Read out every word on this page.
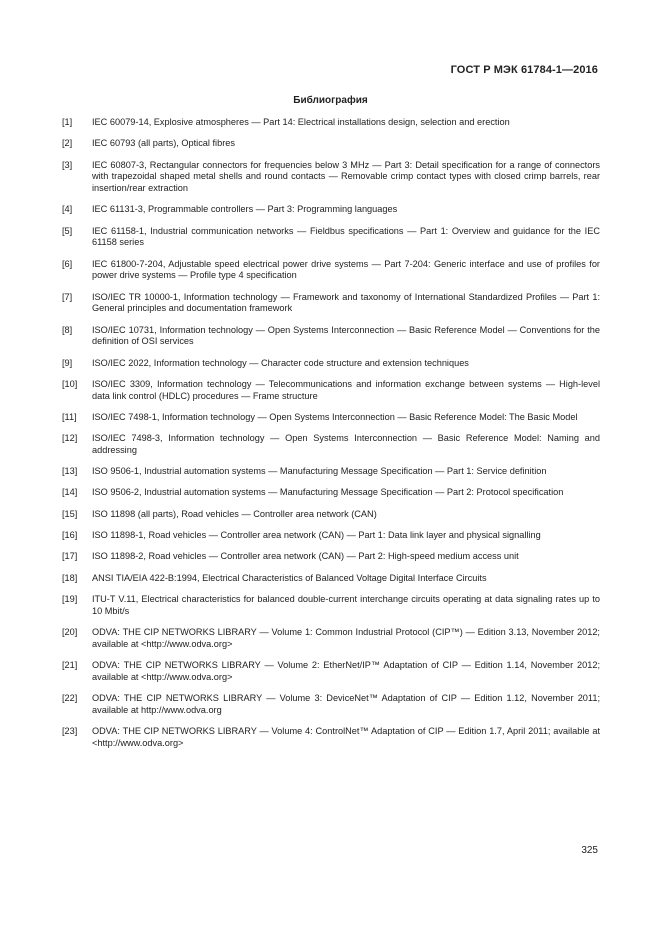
ГОСТ Р МЭК 61784-1—2016
Библиография
[1]	IEC 60079-14, Explosive atmospheres — Part 14: Electrical installations design, selection and erection
[2]	IEC 60793 (all parts), Optical fibres
[3]	IEC 60807-3, Rectangular connectors for frequencies below 3 MHz — Part 3: Detail specification for a range of connectors with trapezoidal shaped metal shells and round contacts — Removable crimp contact types with closed crimp barrels, rear insertion/rear extraction
[4]	IEC 61131-3, Programmable controllers — Part 3: Programming languages
[5]	IEC 61158-1, Industrial communication networks — Fieldbus specifications — Part 1: Overview and guidance for the IEC 61158 series
[6]	IEC 61800-7-204, Adjustable speed electrical power drive systems — Part 7-204: Generic interface and use of profiles for power drive systems — Profile type 4 specification
[7]	ISO/IEC TR 10000-1, Information technology — Framework and taxonomy of International Standardized Profiles — Part 1: General principles and documentation framework
[8]	ISO/IEC 10731, Information technology — Open Systems Interconnection — Basic Reference Model — Conventions for the definition of OSI services
[9]	ISO/IEC 2022, Information technology — Character code structure and extension techniques
[10]	ISO/IEC 3309, Information technology — Telecommunications and information exchange between systems — High-level data link control (HDLC) procedures — Frame structure
[11]	ISO/IEC 7498-1, Information technology — Open Systems Interconnection — Basic Reference Model: The Basic Model
[12]	ISO/IEC 7498-3, Information technology — Open Systems Interconnection — Basic Reference Model: Naming and addressing
[13]	ISO 9506-1, Industrial automation systems — Manufacturing Message Specification — Part 1: Service definition
[14]	ISO 9506-2, Industrial automation systems — Manufacturing Message Specification — Part 2: Protocol specification
[15]	ISO 11898 (all parts), Road vehicles — Controller area network (CAN)
[16]	ISO 11898-1, Road vehicles — Controller area network (CAN) — Part 1: Data link layer and physical signalling
[17]	ISO 11898-2, Road vehicles — Controller area network (CAN) — Part 2: High-speed medium access unit
[18]	ANSI TIA/EIA 422-B:1994, Electrical Characteristics of Balanced Voltage Digital Interface Circuits
[19]	ITU-T V.11, Electrical characteristics for balanced double-current interchange circuits operating at data signaling rates up to 10 Mbit/s
[20]	ODVA: THE CIP NETWORKS LIBRARY — Volume 1: Common Industrial Protocol (CIP™) — Edition 3.13, November 2012; available at <http://www.odva.org>
[21]	ODVA: THE CIP NETWORKS LIBRARY — Volume 2: EtherNet/IP™ Adaptation of CIP — Edition 1.14, November 2012; available at <http://www.odva.org>
[22]	ODVA: THE CIP NETWORKS LIBRARY — Volume 3: DeviceNet™ Adaptation of CIP — Edition 1.12, November 2011; available at http://www.odva.org
[23]	ODVA: THE CIP NETWORKS LIBRARY — Volume 4: ControlNet™ Adaptation of CIP — Edition 1.7, April 2011; available at <http://www.odva.org>
325
